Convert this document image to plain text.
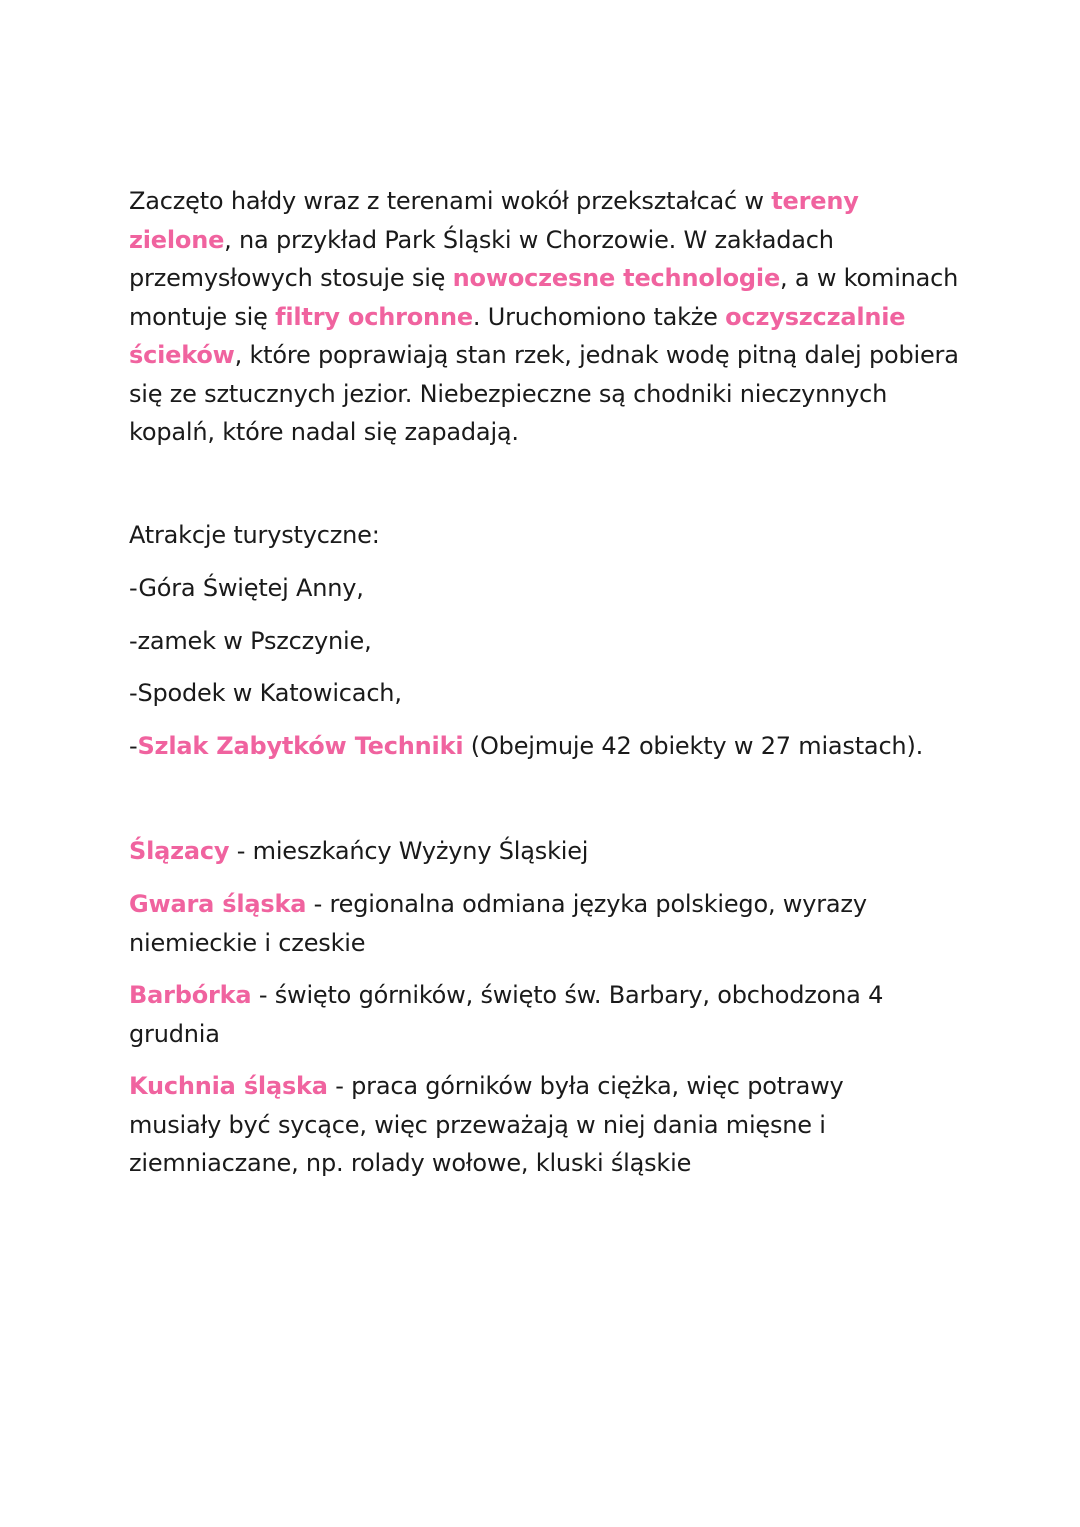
Zaczęto hałdy wraz z terenami wokół przekształcać w tereny zielone, na przykład Park Śląski w Chorzowie. W zakładach przemysłowych stosuje się nowoczesne technologie, a w kominach montuje się filtry ochronne. Uruchomiono także oczyszczalnie ścieków, które poprawiają stan rzek, jednak wodę pitną dalej pobiera się ze sztucznych jezior. Niebezpieczne są chodniki nieczynnych kopalń, które nadal się zapadają.

Atrakcje turystyczne:
-Góra Świętej Anny,
-zamek w Pszczynie,
-Spodek w Katowicach,
-Szlak Zabytków Techniki (Obejmuje 42 obiekty w 27 miastach).

Ślązacy - mieszkańcy Wyżyny Śląskiej

Gwara śląska - regionalna odmiana języka polskiego, wyrazy niemieckie i czeskie

Barbórka - święto górników, święto św. Barbary, obchodzona 4 grudnia

Kuchnia śląska - praca górników była ciężka, więc potrawy musiały być sycące, więc przeważają w niej dania mięsne i ziemniaczane, np. rolady wołowe, kluski śląskie
